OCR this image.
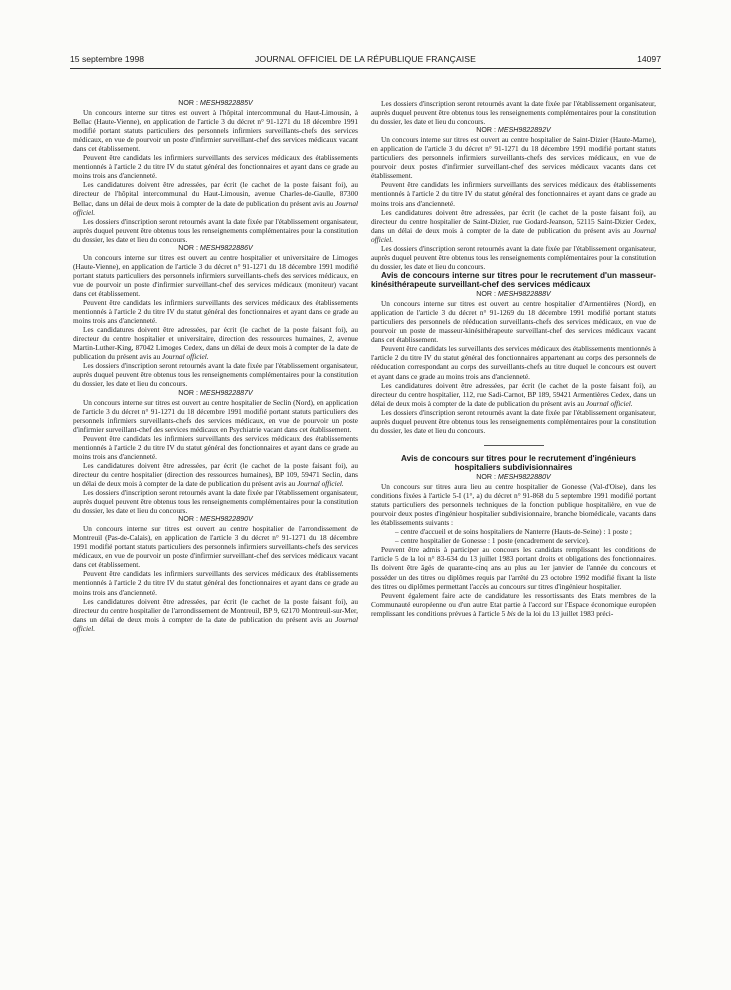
15 septembre 1998	JOURNAL OFFICIEL DE LA RÉPUBLIQUE FRANÇAISE	14097

NOR : MESH9822885V

Un concours interne sur titres est ouvert à l'hôpital intercommunal du Haut-Limousin, à Bellac (Haute-Vienne), en application de l'article 3 du décret n° 91-1271 du 18 décembre 1991 modifié portant statuts particuliers des personnels infirmiers surveillants-chefs des services médicaux, en vue de pourvoir un poste d'infirmier surveillant-chef des services médicaux vacant dans cet établissement.

Peuvent être candidats les infirmiers surveillants des services médicaux des établissements mentionnés à l'article 2 du titre IV du statut général des fonctionnaires et ayant dans ce grade au moins trois ans d'ancienneté.

Les candidatures doivent être adressées, par écrit (le cachet de la poste faisant foi), au directeur de l'hôpital intercommunal du Haut-Limousin, avenue Charles-de-Gaulle, 87300 Bellac, dans un délai de deux mois à compter de la date de publication du présent avis au Journal officiel.

Les dossiers d'inscription seront retournés avant la date fixée par l'établissement organisateur, auprès duquel peuvent être obtenus tous les renseignements complémentaires pour la constitution du dossier, les date et lieu du concours.

NOR : MESH9822886V

Un concours interne sur titres est ouvert au centre hospitalier et universitaire de Limoges (Haute-Vienne), en application de l'article 3 du décret n° 91-1271 du 18 décembre 1991 modifié portant statuts particuliers des personnels infirmiers surveillants-chefs des services médicaux, en vue de pourvoir un poste d'infirmier surveillant-chef des services médicaux (moniteur) vacant dans cet établissement.

Peuvent être candidats les infirmiers surveillants des services médicaux des établissements mentionnés à l'article 2 du titre IV du statut général des fonctionnaires et ayant dans ce grade au moins trois ans d'ancienneté.

Les candidatures doivent être adressées, par écrit (le cachet de la poste faisant foi), au directeur du centre hospitalier et universitaire, direction des ressources humaines, 2, avenue Martin-Luther-King, 87042 Limoges Cedex, dans un délai de deux mois à compter de la date de publication du présent avis au Journal officiel.

Les dossiers d'inscription seront retournés avant la date fixée par l'établissement organisateur, auprès duquel peuvent être obtenus tous les renseignements complémentaires pour la constitution du dossier, les date et lieu du concours.

NOR : MESH9822887V

Un concours interne sur titres est ouvert au centre hospitalier de Seclin (Nord), en application de l'article 3 du décret n° 91-1271 du 18 décembre 1991 modifié portant statuts particuliers des personnels infirmiers surveillants-chefs des services médicaux, en vue de pourvoir un poste d'infirmier surveillant-chef des services médicaux en Psychiatrie vacant dans cet établissement.

Peuvent être candidats les infirmiers surveillants des services médicaux des établissements mentionnés à l'article 2 du titre IV du statut général des fonctionnaires et ayant dans ce grade au moins trois ans d'ancienneté.

Les candidatures doivent être adressées, par écrit (le cachet de la poste faisant foi), au directeur du centre hospitalier (direction des ressources humaines), BP 109, 59471 Seclin, dans un délai de deux mois à compter de la date de publication du présent avis au Journal officiel.

Les dossiers d'inscription seront retournés avant la date fixée par l'établissement organisateur, auprès duquel peuvent être obtenus tous les renseignements complémentaires pour la constitution du dossier, les date et lieu du concours.

NOR : MESH9822890V

Un concours interne sur titres est ouvert au centre hospitalier de l'arrondissement de Montreuil (Pas-de-Calais), en application de l'article 3 du décret n° 91-1271 du 18 décembre 1991 modifié portant statuts particuliers des personnels infirmiers surveillants-chefs des services médicaux, en vue de pourvoir un poste d'infirmier surveillant-chef des services médicaux vacant dans cet établissement.

Peuvent être candidats les infirmiers surveillants des services médicaux des établissements mentionnés à l'article 2 du titre IV du statut général des fonctionnaires et ayant dans ce grade au moins trois ans d'ancienneté.

Les candidatures doivent être adressées, par écrit (le cachet de la poste faisant foi), au directeur du centre hospitalier de l'arrondissement de Montreuil, BP 9, 62170 Montreuil-sur-Mer, dans un délai de deux mois à compter de la date de publication du présent avis au Journal officiel.

Les dossiers d'inscription seront retournés avant la date fixée par l'établissement organisateur, auprès duquel peuvent être obtenus tous les renseignements complémentaires pour la constitution du dossier, les date et lieu du concours.

NOR : MESH9822892V

Un concours interne sur titres est ouvert au centre hospitalier de Saint-Dizier (Haute-Marne), en application de l'article 3 du décret n° 91-1271 du 18 décembre 1991 modifié portant statuts particuliers des personnels infirmiers surveillants-chefs des services médicaux, en vue de pourvoir deux postes d'infirmier surveillant-chef des services médicaux vacants dans cet établissement.

Peuvent être candidats les infirmiers surveillants des services médicaux des établissements mentionnés à l'article 2 du titre IV du statut général des fonctionnaires et ayant dans ce grade au moins trois ans d'ancienneté.

Les candidatures doivent être adressées, par écrit (le cachet de la poste faisant foi), au directeur du centre hospitalier de Saint-Dizier, rue Godard-Jeanson, 52115 Saint-Dizier Cedex, dans un délai de deux mois à compter de la date de publication du présent avis au Journal officiel.

Les dossiers d'inscription seront retournés avant la date fixée par l'établissement organisateur, auprès duquel peuvent être obtenus tous les renseignements complémentaires pour la constitution du dossier, les date et lieu du concours.

Avis de concours interne sur titres pour le recrutement d'un masseur-kinésithérapeute surveillant-chef des services médicaux

NOR : MESH9822888V

Un concours interne sur titres est ouvert au centre hospitalier d'Armentières (Nord), en application de l'article 3 du décret n° 91-1269 du 18 décembre 1991 modifié portant statuts particuliers des personnels de rééducation surveillants-chefs des services médicaux, en vue de pourvoir un poste de masseur-kinésithérapeute surveillant-chef des services médicaux vacant dans cet établissement.

Peuvent être candidats les surveillants des services médicaux des établissements mentionnés à l'article 2 du titre IV du statut général des fonctionnaires appartenant au corps des personnels de rééducation correspondant au corps des surveillants-chefs au titre duquel le concours est ouvert et ayant dans ce grade au moins trois ans d'ancienneté.

Les candidatures doivent être adressées, par écrit (le cachet de la poste faisant foi), au directeur du centre hospitalier, 112, rue Sadi-Carnot, BP 189, 59421 Armentières Cedex, dans un délai de deux mois à compter de la date de publication du présent avis au Journal officiel.

Les dossiers d'inscription seront retournés avant la date fixée par l'établissement organisateur, auprès duquel peuvent être obtenus tous les renseignements complémentaires pour la constitution du dossier, les date et lieu du concours.

Avis de concours sur titres pour le recrutement d'ingénieurs hospitaliers subdivisionnaires

NOR : MESH9822880V

Un concours sur titres aura lieu au centre hospitalier de Gonesse (Val-d'Oise), dans les conditions fixées à l'article 5-I (1°, a) du décret n° 91-868 du 5 septembre 1991 modifié portant statuts particuliers des personnels techniques de la fonction publique hospitalière, en vue de pourvoir deux postes d'ingénieur hospitalier subdivisionnaire, branche biomédicale, vacants dans les établissements suivants :

– centre d'accueil et de soins hospitaliers de Nanterre (Hauts-de-Seine) : 1 poste ;

– centre hospitalier de Gonesse : 1 poste (encadrement de service).

Peuvent être admis à participer au concours les candidats remplissant les conditions de l'article 5 de la loi n° 83-634 du 13 juillet 1983 portant droits et obligations des fonctionnaires. Ils doivent être âgés de quarante-cinq ans au plus au 1er janvier de l'année du concours et posséder un des titres ou diplômes requis par l'arrêté du 23 octobre 1992 modifié fixant la liste des titres ou diplômes permettant l'accès au concours sur titres d'ingénieur hospitalier.

Peuvent également faire acte de candidature les ressortissants des Etats membres de la Communauté européenne ou d'un autre Etat partie à l'accord sur l'Espace économique européen remplissant les conditions prévues à l'article 5 bis de la loi du 13 juillet 1983 préci-
